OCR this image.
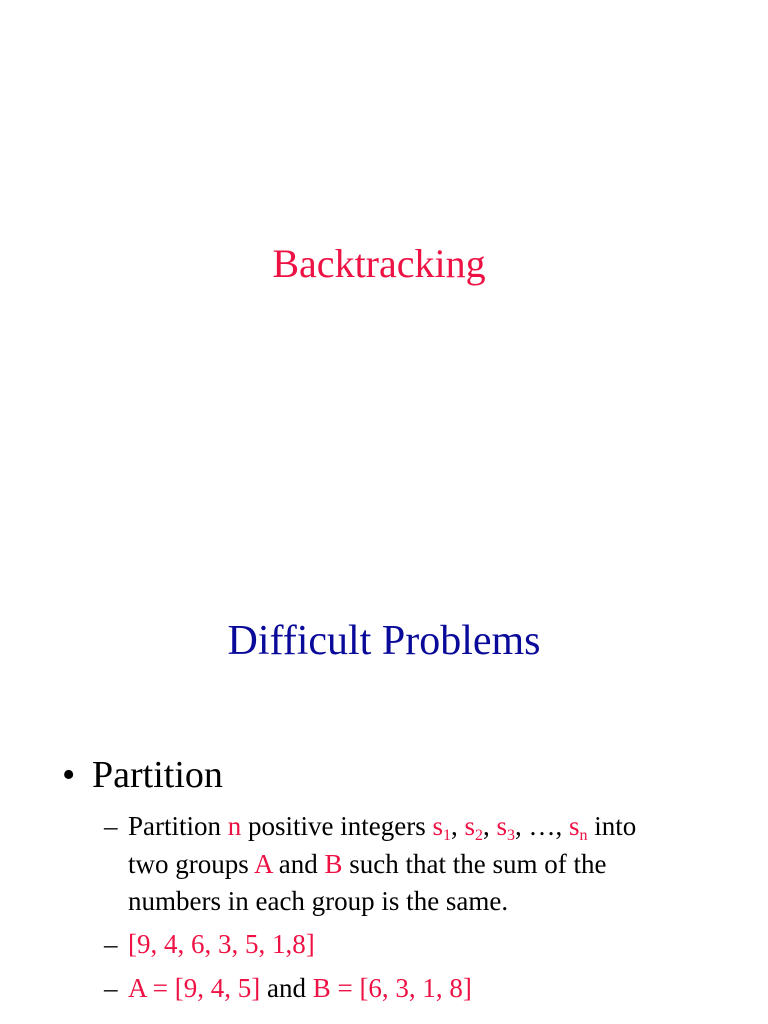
Backtracking
Difficult Problems
• Partition
– Partition n positive integers $s_1$, $s_2$, $s_3$, …, $s_n$ into
two groups A and B such that the sum of the
numbers in each group is the same.
– [9, 4, 6, 3, 5, 1,8]
– A = [9, 4, 5] and B = [6, 3, 1, 8]
